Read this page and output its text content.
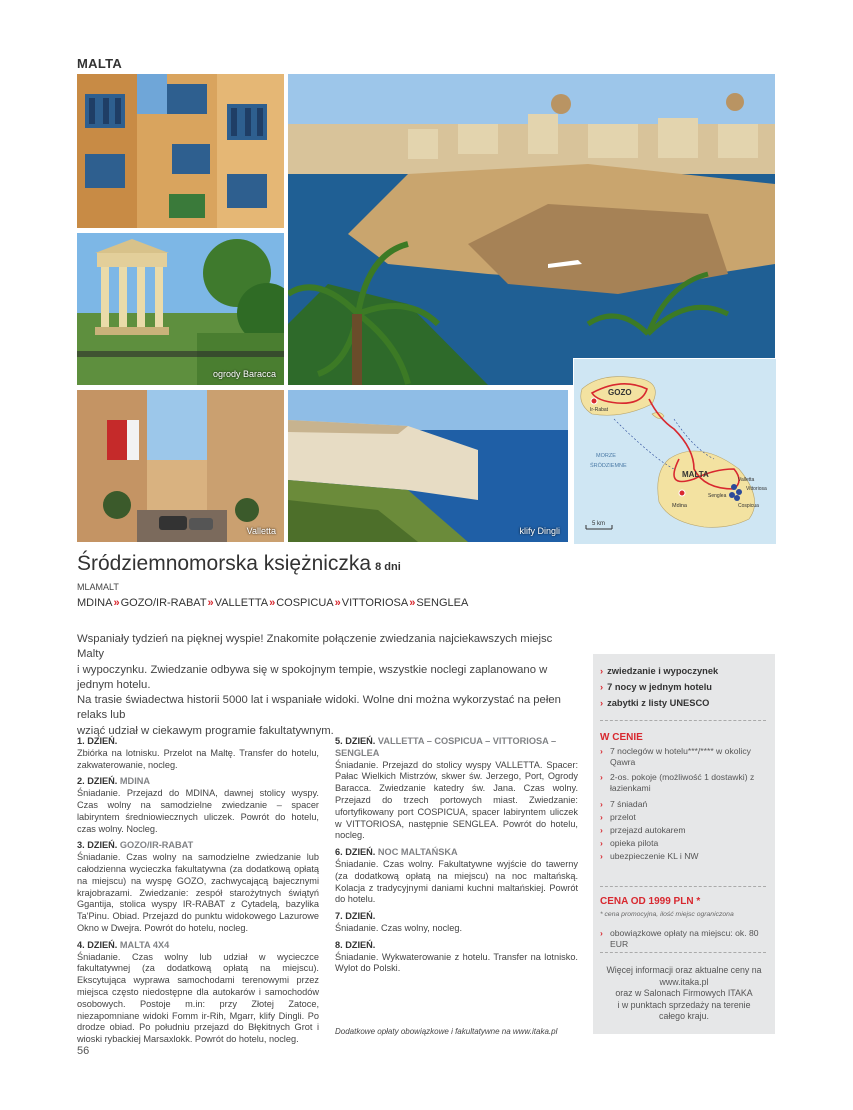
MALTA
ogrody Baracca
Valletta	klify Dingli
GOZO
Ir-Rabat
MORZE
ŚRÓDZIEMNE
MALTA
Valletta
Vittoriosa
Senglea
Cospicua
Mdina
5 km
Śródziemnomorska księżniczka 8 dni
MLAMALT
MDINA»GOZO/IR-RABAT»VALLETTA»COSPICUA»VITTORIOSA»SENGLEA
Wspaniały tydzień na pięknej wyspie! Znakomite połączenie zwiedzania najciekawszych miejsc Malty
i wypoczynku. Zwiedzanie odbywa się w spokojnym tempie, wszystkie noclegi zaplanowano w jednym hotelu.
Na trasie świadectwa historii 5000 lat i wspaniałe widoki. Wolne dni można wykorzystać na pełen relaks lub
wziąć udział w ciekawym programie fakultatywnym.
1. DZIEŃ.
Zbiórka na lotnisku. Przelot na Maltę. Transfer do hotelu, zakwaterowanie, nocleg.
2. DZIEŃ. MDINA
Śniadanie. Przejazd do MDINA, dawnej stolicy wyspy. Czas wolny na samodzielne zwiedzanie – spacer labiryntem średniowiecznych uliczek. Powrót do hotelu, czas wolny. Nocleg.
3. DZIEŃ. GOZO/IR-RABAT
Śniadanie. Czas wolny na samodzielne zwiedzanie lub całodzienna wycieczka fakultatywna (za dodatkową opłatą na miejscu) na wyspę GOZO, zachwycającą bajecznymi krajobrazami. Zwiedzanie: zespół starożytnych świątyń Ggantija, stolica wyspy IR-RABAT z Cytadelą, bazylika Ta'Pinu. Obiad. Przejazd do punktu widokowego Lazurowe Okno w Dwejra. Powrót do hotelu, nocleg.
4. DZIEŃ. MALTA 4X4
Śniadanie. Czas wolny lub udział w wycieczce fakultatywnej (za dodatkową opłatą na miejscu). Ekscytująca wyprawa samochodami terenowymi przez miejsca często niedostępne dla autokarów i samochodów osobowych. Postoje m.in: przy Złotej Zatoce, niezapomniane widoki Fomm ir-Rih, Mgarr, klify Dingli. Po drodze obiad. Po południu przejazd do Błękitnych Grot i wioski rybackiej Marsaxlokk. Powrót do hotelu, nocleg.
5. DZIEŃ. VALLETTA – COSPICUA – VITTORIOSA – SENGLEA
Śniadanie. Przejazd do stolicy wyspy VALLETTA. Spacer: Pałac Wielkich Mistrzów, skwer św. Jerzego, Port, Ogrody Baracca. Zwiedzanie katedry św. Jana. Czas wolny. Przejazd do trzech portowych miast. Zwiedzanie: ufortyfikowany port COSPICUA, spacer labiryntem uliczek w VITTORIOSA, następnie SENGLEA. Powrót do hotelu, nocleg.
6. DZIEŃ. NOC MALTAŃSKA
Śniadanie. Czas wolny. Fakultatywne wyjście do tawerny (za dodatkową opłatą na miejscu) na noc maltańską. Kolacja z tradycyjnymi daniami kuchni maltańskiej. Powrót do hotelu.
7. DZIEŃ.
Śniadanie. Czas wolny, nocleg.
8. DZIEŃ.
Śniadanie. Wykwaterowanie z hotelu. Transfer na lotnisko. Wylot do Polski.
Dodatkowe opłaty obowiązkowe i fakultatywne na www.itaka.pl
56
› zwiedzanie i wypoczynek
› 7 nocy w jednym hotelu
› zabytki z listy UNESCO
W CENIE
› 7 noclegów w hotelu***/**** w okolicy Qawra
› 2-os. pokoje (możliwość 1 dostawki) z łazienkami
› 7 śniadań
› przelot
› przejazd autokarem
› opieka pilota
› ubezpieczenie KL i NW
CENA OD 1999 PLN *
* cena promocyjna, ilość miejsc ograniczona
› obowiązkowe opłaty na miejscu: ok. 80 EUR
Więcej informacji oraz aktualne ceny na
www.itaka.pl
oraz w Salonach Firmowych ITAKA
i w punktach sprzedaży na terenie
całego kraju.
